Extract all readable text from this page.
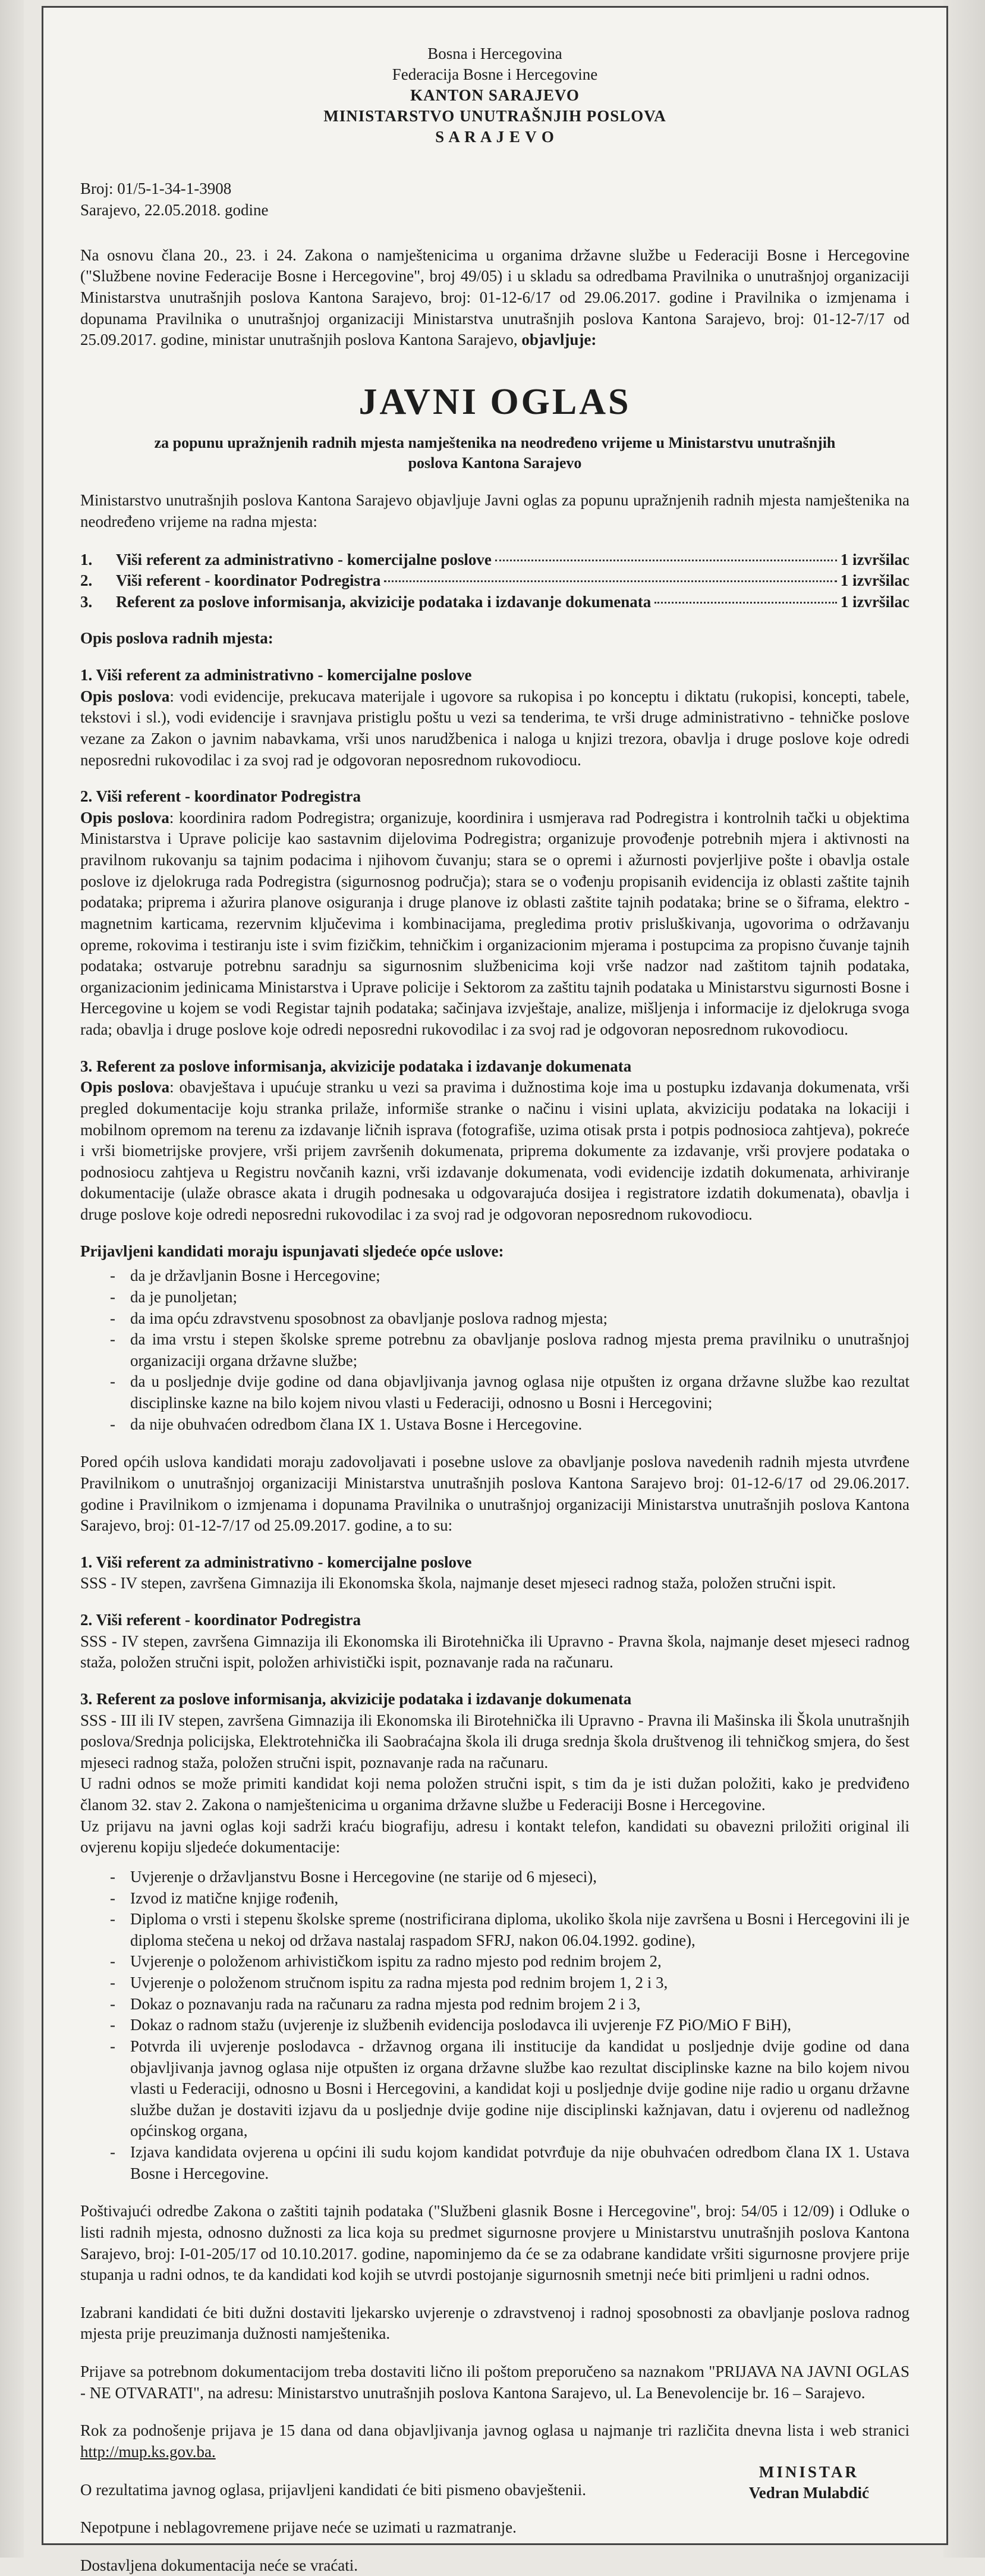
Bosna i Hercegovina
Federacija Bosne i Hercegovine
KANTON SARAJEVO
MINISTARSTVO UNUTRAŠNJIH POSLOVA
S A R A J E V O
Broj: 01/5-1-34-1-3908
Sarajevo, 22.05.2018. godine

Na osnovu člana 20., 23. i 24. Zakona o namještenicima u organima državne službe u Federaciji Bosne i Hercegovine ("Službene novine Federacije Bosne i Hercegovine", broj 49/05) i u skladu sa odredbama Pravilnika o unutrašnjoj organizaciji Ministarstva unutrašnjih poslova Kantona Sarajevo, broj: 01-12-6/17 od 29.06.2017. godine i Pravilnika o izmjenama i dopunama Pravilnika o unutrašnjoj organizaciji Ministarstva unutrašnjih poslova Kantona Sarajevo, broj: 01-12-7/17 od 25.09.2017. godine, ministar unutrašnjih poslova Kantona Sarajevo, objavljuje:

JAVNI OGLAS
za popunu upražnjenih radnih mjesta namještenika na neodređeno vrijeme u Ministarstvu unutrašnjih poslova Kantona Sarajevo

Ministarstvo unutrašnjih poslova Kantona Sarajevo objavljuje Javni oglas za popunu upražnjenih radnih mjesta namještenika na neodređeno vrijeme na radna mjesta:

1.	Viši referent za administrativno - komercijalne poslove	1 izvršilac
2.	Viši referent - koordinator Podregistra	1 izvršilac
3.	Referent za poslove informisanja, akvizicije podataka i izdavanje dokumenata	1 izvršilac
Opis poslova radnih mjesta:
1. Viši referent za administrativno - komercijalne poslove

Opis poslova: vodi evidencije, prekucava materijale i ugovore sa rukopisa i po konceptu i diktatu (rukopisi, koncepti, tabele, tekstovi i sl.), vodi evidencije i sravnjava pristiglu poštu u vezi sa tenderima, te vrši druge administrativno - tehničke poslove vezane za Zakon o javnim nabavkama, vrši unos narudžbenica i naloga u knjizi trezora, obavlja i druge poslove koje odredi neposredni rukovodilac i za svoj rad je odgovoran neposrednom rukovodiocu.

2. Viši referent - koordinator Podregistra

Opis poslova: koordinira radom Podregistra; organizuje, koordinira i usmjerava rad Podregistra i kontrolnih tački u objektima Ministarstva i Uprave policije kao sastavnim dijelovima Podregistra; organizuje provođenje potrebnih mjera i aktivnosti na pravilnom rukovanju sa tajnim podacima i njihovom čuvanju; stara se o opremi i ažurnosti povjerljive pošte i obavlja ostale poslove iz djelokruga rada Podregistra (sigurnosnog područja); stara se o vođenju propisanih evidencija iz oblasti zaštite tajnih podataka; priprema i ažurira planove osiguranja i druge planove iz oblasti zaštite tajnih podataka; brine se o šiframa, elektro - magnetnim karticama, rezervnim ključevima i kombinacijama, pregledima protiv prisluškivanja, ugovorima o održavanju opreme, rokovima i testiranju iste i svim fizičkim, tehničkim i organizacionim mjerama i postupcima za propisno čuvanje tajnih podataka; ostvaruje potrebnu saradnju sa sigurnosnim službenicima koji vrše nadzor nad zaštitom tajnih podataka, organizacionim jedinicama Ministarstva i Uprave policije i Sektorom za zaštitu tajnih podataka u Ministarstvu sigurnosti Bosne i Hercegovine u kojem se vodi Registar tajnih podataka; sačinjava izvještaje, analize, mišljenja i informacije iz djelokruga svoga rada; obavlja i druge poslove koje odredi neposredni rukovodilac i za svoj rad je odgovoran neposrednom rukovodiocu.

3. Referent za poslove informisanja, akvizicije podataka i izdavanje dokumenata

Opis poslova: obavještava i upućuje stranku u vezi sa pravima i dužnostima koje ima u postupku izdavanja dokumenata, vrši pregled dokumentacije koju stranka prilaže, informiše stranke o načinu i visini uplata, akviziciju podataka na lokaciji i mobilnom opremom na terenu za izdavanje ličnih isprava (fotografiše, uzima otisak prsta i potpis podnosioca zahtjeva), pokreće i vrši biometrijske provjere, vrši prijem završenih dokumenata, priprema dokumente za izdavanje, vrši provjere podataka o podnosiocu zahtjeva u Registru novčanih kazni, vrši izdavanje dokumenata, vodi evidencije izdatih dokumenata, arhiviranje dokumentacije (ulaže obrasce akata i drugih podnesaka u odgovarajuća dosijea i registratore izdatih dokumenata), obavlja i druge poslove koje odredi neposredni rukovodilac i za svoj rad je odgovoran neposrednom rukovodiocu.

Prijavljeni kandidati moraju ispunjavati sljedeće opće uslove:
- da je državljanin Bosne i Hercegovine;
- da je punoljetan;
- da ima opću zdravstvenu sposobnost za obavljanje poslova radnog mjesta;
- da ima vrstu i stepen školske spreme potrebnu za obavljanje poslova radnog mjesta prema pravilniku o unutrašnjoj organizaciji organa državne službe;
- da u posljednje dvije godine od dana objavljivanja javnog oglasa nije otpušten iz organa državne službe kao rezultat disciplinske kazne na bilo kojem nivou vlasti u Federaciji, odnosno u Bosni i Hercegovini;
- da nije obuhvaćen odredbom člana IX 1. Ustava Bosne i Hercegovine.

Pored općih uslova kandidati moraju zadovoljavati i posebne uslove za obavljanje poslova navedenih radnih mjesta utvrđene Pravilnikom o unutrašnjoj organizaciji Ministarstva unutrašnjih poslova Kantona Sarajevo broj: 01-12-6/17 od 29.06.2017. godine i Pravilnikom o izmjenama i dopunama Pravilnika o unutrašnjoj organizaciji Ministarstva unutrašnjih poslova Kantona Sarajevo, broj: 01-12-7/17 od 25.09.2017. godine, a to su:

1. Viši referent za administrativno - komercijalne poslove

SSS - IV stepen, završena Gimnazija ili Ekonomska škola, najmanje deset mjeseci radnog staža, položen stručni ispit.

2. Viši referent - koordinator Podregistra

SSS - IV stepen, završena Gimnazija ili Ekonomska ili Birotehnička ili Upravno - Pravna škola, najmanje deset mjeseci radnog staža, položen stručni ispit, položen arhivistički ispit, poznavanje rada na računaru.

3. Referent za poslove informisanja, akvizicije podataka i izdavanje dokumenata

SSS - III ili IV stepen, završena Gimnazija ili Ekonomska ili Birotehnička ili Upravno - Pravna ili Mašinska ili Škola unutrašnjih poslova/Srednja policijska, Elektrotehnička ili Saobraćajna škola ili druga srednja škola društvenog ili tehničkog smjera, do šest mjeseci radnog staža, položen stručni ispit, poznavanje rada na računaru.

U radni odnos se može primiti kandidat koji nema položen stručni ispit, s tim da je isti dužan položiti, kako je predviđeno članom 32. stav 2. Zakona o namještenicima u organima državne službe u Federaciji Bosne i Hercegovine.

Uz prijavu na javni oglas koji sadrži kraću biografiju, adresu i kontakt telefon, kandidati su obavezni priložiti original ili ovjerenu kopiju sljedeće dokumentacije:

- Uvjerenje o državljanstvu Bosne i Hercegovine (ne starije od 6 mjeseci),
- Izvod iz matične knjige rođenih,
- Diploma o vrsti i stepenu školske spreme (nostrificirana diploma, ukoliko škola nije završena u Bosni i Hercegovini ili je diploma stečena u nekoj od država nastalaj raspadom SFRJ, nakon 06.04.1992. godine),
- Uvjerenje o položenom arhivističkom ispitu za radno mjesto pod rednim brojem 2,
- Uvjerenje o položenom stručnom ispitu za radna mjesta pod rednim brojem 1, 2 i 3,
- Dokaz o poznavanju rada na računaru za radna mjesta pod rednim brojem 2 i 3,
- Dokaz o radnom stažu (uvjerenje iz službenih evidencija poslodavca ili uvjerenje FZ PiO/MiO F BiH),
- Potvrda ili uvjerenje poslodavca - državnog organa ili institucije da kandidat u posljednje dvije godine od dana objavljivanja javnog oglasa nije otpušten iz organa državne službe kao rezultat disciplinske kazne na bilo kojem nivou vlasti u Federaciji, odnosno u Bosni i Hercegovini, a kandidat koji u posljednje dvije godine nije radio u organu državne službe dužan je dostaviti izjavu da u posljednje dvije godine nije disciplinski kažnjavan, datu i ovjerenu od nadležnog općinskog organa,
- Izjava kandidata ovjerena u općini ili sudu kojom kandidat potvrđuje da nije obuhvaćen odredbom člana IX 1. Ustava Bosne i Hercegovine.

Poštivajući odredbe Zakona o zaštiti tajnih podataka ("Službeni glasnik Bosne i Hercegovine", broj: 54/05 i 12/09) i Odluke o listi radnih mjesta, odnosno dužnosti za lica koja su predmet sigurnosne provjere u Ministarstvu unutrašnjih poslova Kantona Sarajevo, broj: I-01-205/17 od 10.10.2017. godine, napominjemo da će se za odabrane kandidate vršiti sigurnosne provjere prije stupanja u radni odnos, te da kandidati kod kojih se utvrdi postojanje sigurnosnih smetnji neće biti primljeni u radni odnos.

Izabrani kandidati će biti dužni dostaviti ljekarsko uvjerenje o zdravstvenoj i radnoj sposobnosti za obavljanje poslova radnog mjesta prije preuzimanja dužnosti namještenika.

Prijave sa potrebnom dokumentacijom treba dostaviti lično ili poštom preporučeno sa naznakom "PRIJAVA NA JAVNI OGLAS - NE OTVARATI", na adresu: Ministarstvo unutrašnjih poslova Kantona Sarajevo, ul. La Benevolencije br. 16 – Sarajevo.

Rok za podnošenje prijava je 15 dana od dana objavljivanja javnog oglasa u najmanje tri različita dnevna lista i web stranici http://mup.ks.gov.ba.

O rezultatima javnog oglasa, prijavljeni kandidati će biti pismeno obavještenii.

Nepotpune i neblagovremene prijave neće se uzimati u razmatranje.

Dostavljena dokumentacija neće se vraćati.

MINISTAR
Vedran Mulabdić
